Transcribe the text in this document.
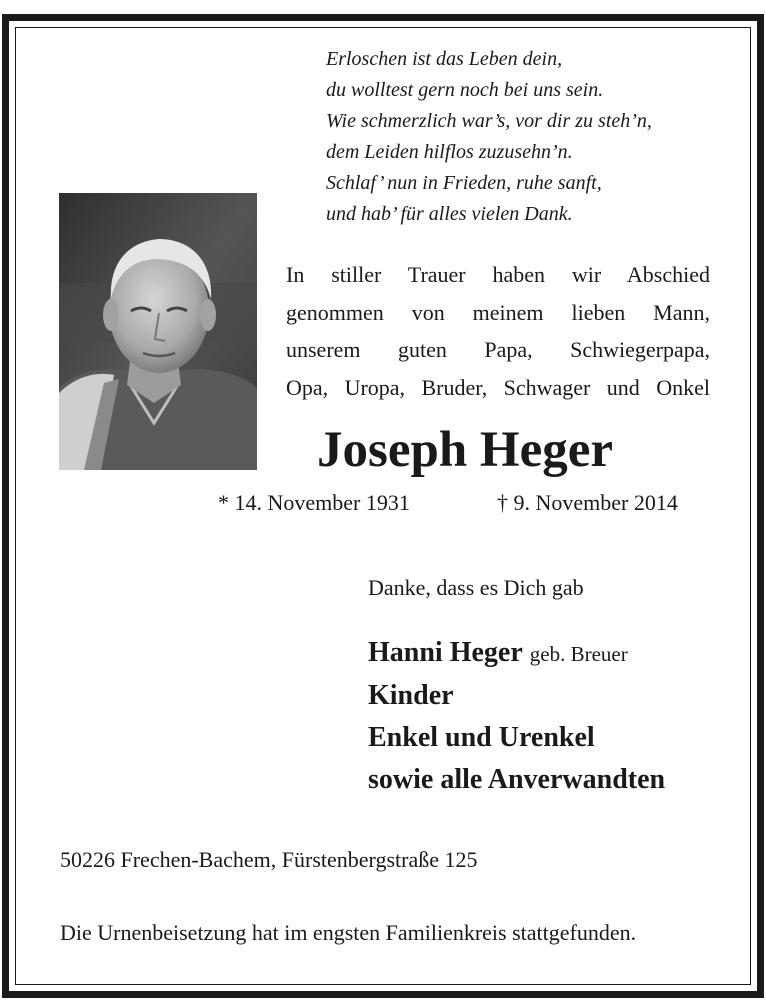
Erloschen ist das Leben dein,
du wolltest gern noch bei uns sein.
Wie schmerzlich war’s, vor dir zu steh’n,
dem Leiden hilflos zuzusehn’n.
Schlaf’ nun in Frieden, ruhe sanft,
und hab’ für alles vielen Dank.
In stiller Trauer haben wir Abschied
genommen von meinem lieben Mann,
unserem guten Papa, Schwiegerpapa,
Opa, Uropa, Bruder, Schwager und Onkel
Joseph Heger
* 14. November 1931	† 9. November 2014
Danke, dass es Dich gab
Hanni Heger geb. Breuer
Kinder
Enkel und Urenkel
sowie alle Anverwandten
50226 Frechen-Bachem, Fürstenbergstraße 125
Die Urnenbeisetzung hat im engsten Familienkreis stattgefunden.
